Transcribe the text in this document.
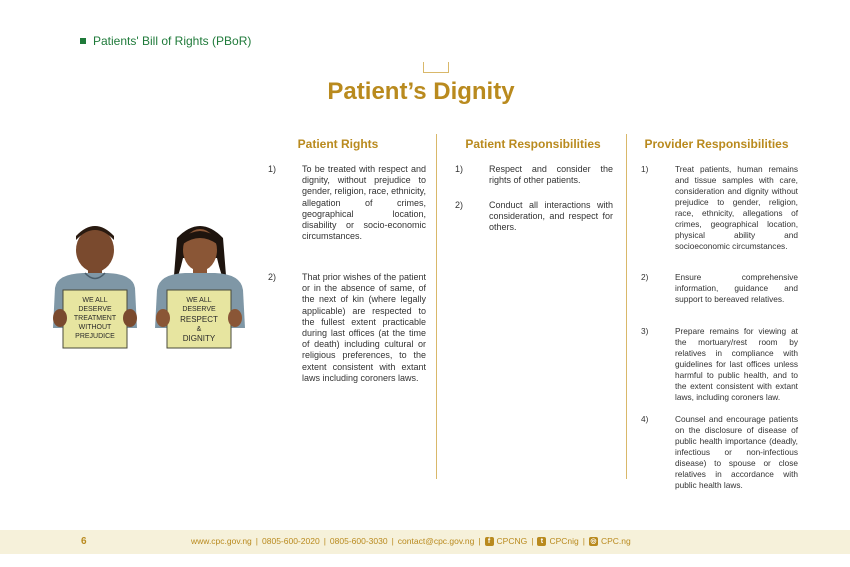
Patients' Bill of Rights (PBoR)
Patient’s Dignity
WE ALL
DESERVE
TREATMENT
WITHOUT
PREJUDICE
WE ALL
DESERVE
RESPECT
&
DIGNITY
Patient Rights	Patient Responsibilities	Provider Responsibilities
1)	To be treated with respect and dignity, without prejudice to gender, religion, race, ethnicity, allegation of crimes, geographical location, disability or socio-economic circumstances.
2)	That prior wishes of the patient or in the absence of same, of the next of kin (where legally applicable) are respected to the fullest extent practicable during last offices (at the time of death) including cultural or religious preferences, to the extent consistent with extant laws including coroners laws.
1)	Respect and consider the rights of other patients.
2)	Conduct all interactions with consideration, and respect for others.
1)	Treat patients, human remains and tissue samples with care, consideration and dignity without prejudice to gender, religion, race, ethnicity, allegations of crimes, geographical location, physical ability and socioeconomic circumstances.
2)	Ensure comprehensive information, guidance and support to bereaved relatives.
3)	Prepare remains for viewing at the mortuary/rest room by relatives in compliance with guidelines for last offices unless harmful to public health, and to the extent consistent with extant laws, including coroners law.
4)	Counsel and encourage patients on the disclosure of disease of public health importance (deadly, infectious or non-infectious disease) to spouse or close relatives in accordance with public health laws.
6	www.cpc.gov.ng | 0805-600-2020 | 0805-600-3030 | contact@cpc.gov.ng |	f CPCNG |	t CPCnig | ◎ CPC.ng
